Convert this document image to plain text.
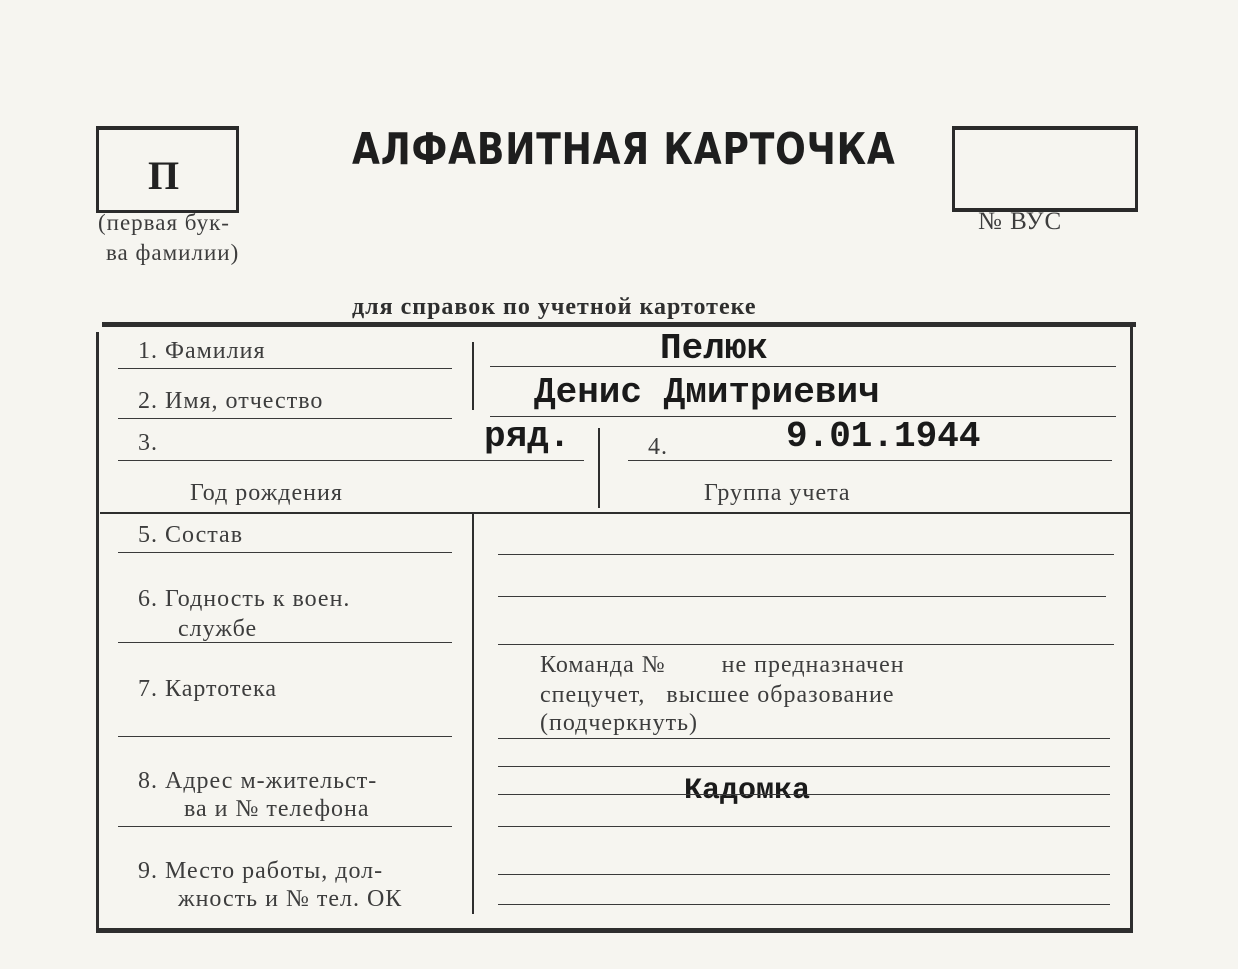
П
(первая бук-
ва фамилии)
АЛФАВИТНАЯ КАРТОЧКА
№ ВУС
для справок по учетной картотеке
1. Фамилия	Пелюк
2. Имя, отчество	Денис Дмитриевич
3.	ряд.	4.	9.01.1944
Год рождения	Группа учета
5. Состав
6. Годность к воен.
службе
Команда №        не предназначен
спецучет,   высшее образование
(подчеркнуть)
7. Картотека
8. Адрес м-жительст-
ва и № телефона
Кадомка
9. Место работы, дол-
жность и № тел. ОК
